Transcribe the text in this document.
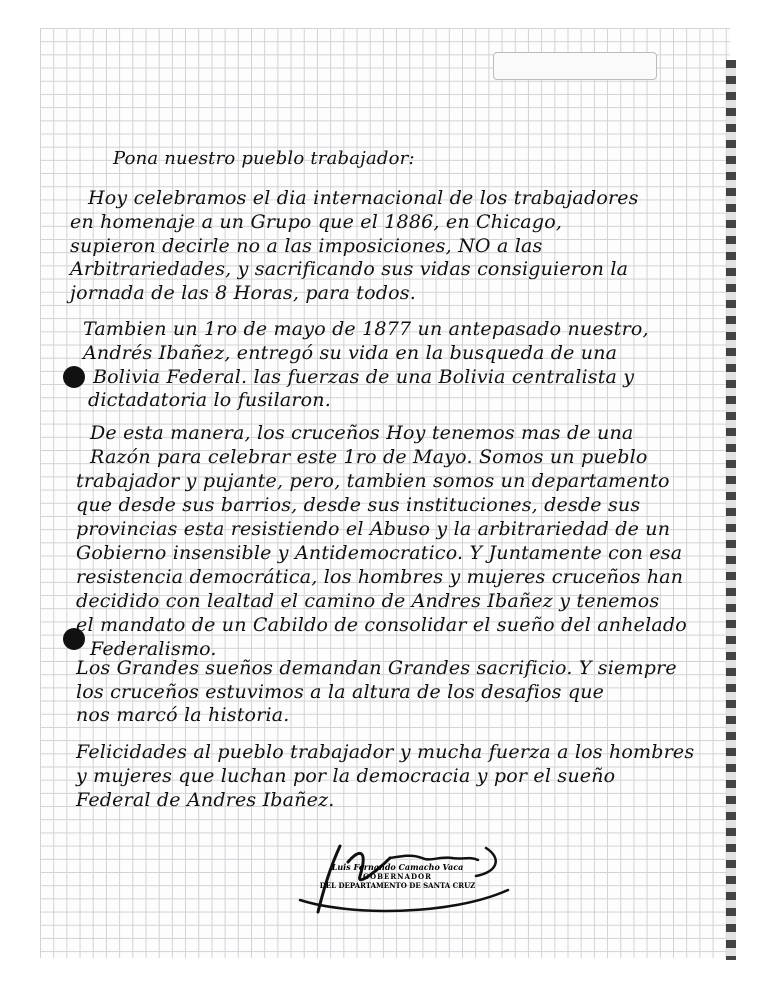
Pona nuestro pueblo trabajador:
Hoy celebramos el dia internacional de los trabajadores
en homenaje a un Grupo que el 1886, en Chicago,
supieron decirle no a las imposiciones, NO a las
Arbitrariedades, y sacrificando sus vidas consiguieron la
jornada de las 8 Horas, para todos.
Tambien un 1ro de mayo de 1877 un antepasado nuestro,
Andrés Ibañez, entregó su vida en la busqueda de una
Bolivia Federal. las fuerzas de una Bolivia centralista y
dictadatoria lo fusilaron.
De esta manera, los cruceños Hoy tenemos mas de una
Razón para celebrar este 1ro de Mayo. Somos un pueblo
trabajador y pujante, pero, tambien somos un departamento
que desde sus barrios, desde sus instituciones, desde sus
provincias esta resistiendo el Abuso y la arbitrariedad de un
Gobierno insensible y Antidemocratico. Y Juntamente con esa
resistencia democrática, los hombres y mujeres cruceños han
decidido con lealtad el camino de Andres Ibañez y tenemos
el mandato de un Cabildo de consolidar el sueño del anhelado
Federalismo.
Los Grandes sueños demandan Grandes sacrificio. Y siempre
los cruceños estuvimos a la altura de los desafios que
nos marcó la historia.
Felicidades al pueblo trabajador y mucha fuerza a los hombres
y mujeres que luchan por la democracia y por el sueño
Federal de Andres Ibañez.
Luis Fernando Camacho Vaca
GOBERNADOR
DEL DEPARTAMENTO DE SANTA CRUZ
